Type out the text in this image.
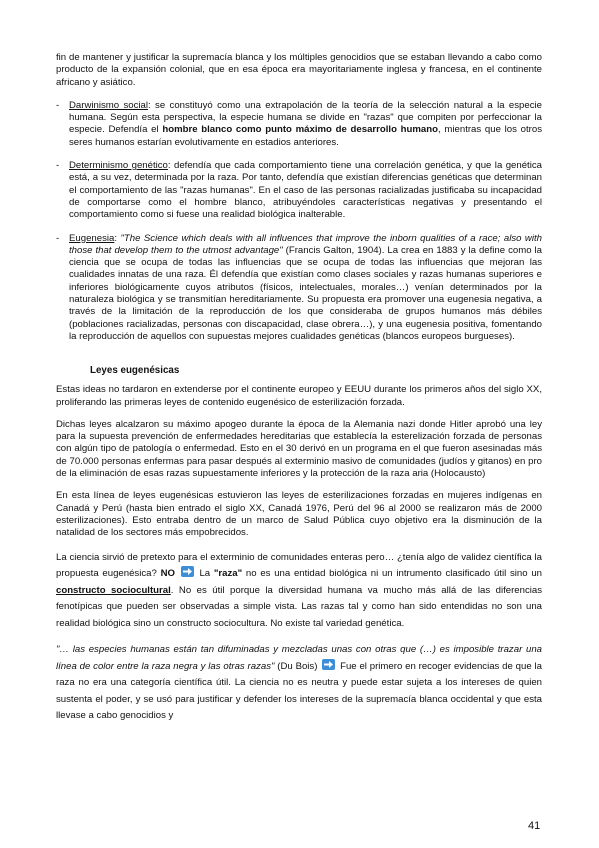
fin de mantener y justificar la supremacía blanca y los múltiples genocidios que se estaban llevando a cabo como producto de la expansión colonial, que en esa época era mayoritariamente inglesa y francesa, en el continente africano y asiático.

- Darwinismo social: se constituyó como una extrapolación de la teoría de la selección natural a la especie humana. Según esta perspectiva, la especie humana se divide en "razas" que compiten por perfeccionar la especie. Defendía el hombre blanco como punto máximo de desarrollo humano, mientras que los otros seres humanos estarían evolutivamente en estadios anteriores.

- Determinismo genético: defendía que cada comportamiento tiene una correlación genética, y que la genética está, a su vez, determinada por la raza. Por tanto, defendía que existían diferencias genéticas que determinan el comportamiento de las "razas humanas". En el caso de las personas racializadas justificaba su incapacidad de comportarse como el hombre blanco, atribuyéndoles características negativas y presentando el comportamiento como si fuese una realidad biológica inalterable.

- Eugenesia: "The Science which deals with all influences that improve the inborn qualities of a race; also with those that develop them to the utmost advantage" (Francis Galton, 1904). La crea en 1883 y la define como la ciencia que se ocupa de todas las influencias que se ocupa de todas las influencias que mejoran las cualidades innatas de una raza. Él defendía que existían como clases sociales y razas humanas superiores e inferiores biológicamente cuyos atributos (físicos, intelectuales, morales…) venían determinados por la naturaleza biológica y se transmitían hereditariamente. Su propuesta era promover una eugenesia negativa, a través de la limitación de la reproducción de los que consideraba de grupos humanos más débiles (poblaciones racializadas, personas con discapacidad, clase obrera…), y una eugenesia positiva, fomentando la reproducción de aquellos con supuestas mejores cualidades genéticas (blancos europeos burgueses).

Leyes eugenésicas

Estas ideas no tardaron en extenderse por el continente europeo y EEUU durante los primeros años del siglo XX, proliferando las primeras leyes de contenido eugenésico de esterilización forzada.

Dichas leyes alcalzaron su máximo apogeo durante la época de la Alemania nazi donde Hitler aprobó una ley para la supuesta prevención de enfermedades hereditarias que establecía la esterelización forzada de personas con algún tipo de patología o enfermedad. Esto en el 30 derivó en un programa en el que fueron asesinadas más de 70.000 personas enfermas para pasar después al exterminio masivo de comunidades (judíos y gitanos) en pro de la eliminación de esas razas supuestamente inferiores y la protección de la raza aria (Holocausto)

En esta línea de leyes eugenésicas estuvieron las leyes de esterilizaciones forzadas en mujeres indígenas en Canadá y Perú (hasta bien entrado el siglo XX, Canadá 1976, Perú del 96 al 2000 se realizaron más de 2000 esterilizaciones). Esto entraba dentro de un marco de Salud Pública cuyo objetivo era la disminución de la natalidad de los sectores más empobrecidos.

La ciencia sirvió de pretexto para el exterminio de comunidades enteras pero… ¿tenía algo de validez científica la propuesta eugenésica? NO
La "raza" no es una entidad biológica ni un intrumento clasificado útil sino un constructo sociocultural. No es útil porque la diversidad humana va mucho más allá de las diferencias fenotípicas que pueden ser observadas a simple vista. Las razas tal y como han sido entendidas no son una realidad biológica sino un constructo sociocultura. No existe tal variedad genética.

"… las especies humanas están tan difuminadas y mezcladas unas con otras que (…) es imposible trazar una línea de color entre la raza negra y las otras razas" (Du Bois)
Fue el primero en recoger evidencias de que la raza no era una categoría científica útil. La ciencia no es neutra y puede estar sujeta a los intereses de quien sustenta el poder, y se usó para justificar y defender los intereses de la supremacía blanca occidental y que esta llevase a cabo genocidios y

41
